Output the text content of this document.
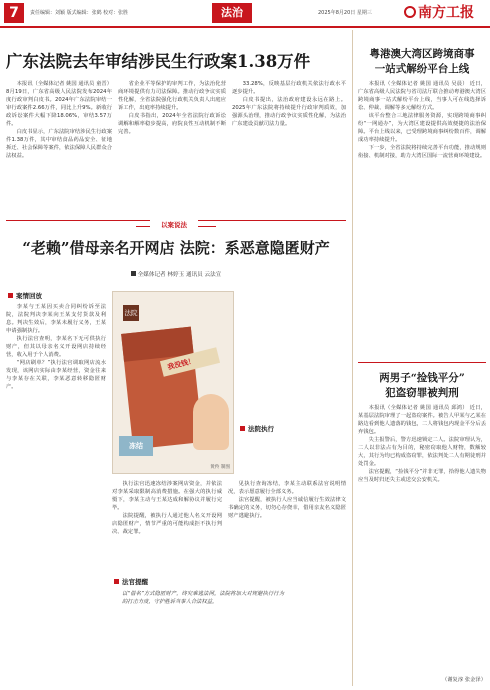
7	责任编辑：刘颖 版式编辑：张鹤 校对：张胜	法治	2025年8月20日 星期三	南方工报
广东法院去年审结涉民生行政案1.38万件

本报讯（全媒体记者 姚国 通讯员 童晋） 8月19日，广东省高级人民法院发布2024年度行政审判白皮书。2024年广东法院审结一审行政案件2.66万件，同比上升9%。新收行政诉讼案件大幅下降18.06%，审结3.57万件。

白皮书显示，广东法院审结涉民生行政案件1.38万件，其中审结食品药品安全、征地拆迁、社会保障等案件，依法保障人民群众合法权益。

省企业平等保护的审判工作，为法治化营商环境提供有力司法保障。推动行政争议实质性化解，全省法院强化行政机关负责人出庭应诉工作，出庭率持续提升。

白皮书指出，2024年全省法院行政诉讼调解和解率稳步提高，府院良性互动机制不断完善。

33.28%，反映基层行政机关依法行政水平逐步提升。

白皮书提出，法治政府建设永远在路上。2025年广东法院将持续提升行政审判质效，加强源头治理，推动行政争议实质性化解，为法治广东建设贡献司法力量。

以案说法
“老赖”借母亲名开网店 法院：系恶意隐匿财产
全媒体记者 林婷玉 通讯员 云法宣
案情回放

李某与王某因买卖合同纠纷诉至法院，法院判决李某向王某支付货款及利息。判决生效后，李某未履行义务，王某申请强制执行。

执行法官查明，李某名下无可供执行财产，但其以母亲名义开设网店持续经营，收入用于个人消费。

“网店刷单？”执行法官调取网店流水发现，该网店实际由李某经营，资金往来与李某存在关联，李某恶意转移隐匿财产。

法院
我没钱！
冻结
黄羚 制图
法院执行

执行法官迅速冻结涉案网店资金，并依法对李某采取限制高消费措施。在强大的执行威慑下，李某主动与王某达成和解协议并履行完毕。

法院提醒，被执行人通过他人名义开设网店隐匿财产，情节严重的可能构成拒不执行判决、裁定罪。

见执行查询冻结，李某主动联系法官说明情况，表示愿意履行全部义务。

法官提醒，被执行人应当诚信履行生效法律文书确定的义务，切勿心存侥幸，借用亲友名义隐匿财产逃避执行。

法官提醒
以“借名”方式隐匿财产，终究难逃法网。法院将加大对规避执行行为的打击力度，守护胜诉当事人合法权益。
粤港澳大湾区跨境商事
一站式解纷平台上线

本报讯（全媒体记者 姚国 通讯员 吴晨） 近日，广东省高级人民法院与省司法厅联合推动粤港澳大湾区跨境商事一站式解纷平台上线，当事人可在线选择诉讼、仲裁、调解等多元解纷方式。

该平台整合三地法律服务资源，实现跨境商事纠纷“一网通办”，为大湾区建设提供高效便捷的法治保障。平台上线以来，已受理跨境商事纠纷数百件，调解成功率持续提升。

下一步，全省法院将持续完善平台功能，推动规则衔接、机制对接，助力大湾区国际一流营商环境建设。

两男子“捡钱平分”
犯盗窃罪被判刑

本报讯（全媒体记者 姚国 通讯员 邱鸿） 近日，某基层法院审理了一起盗窃案件。被告人甲某与乙某在路边看到他人遗落的钱包，二人将钱包内现金平分后丢弃钱包。

失主报警后，警方迅速锁定二人。法院审理认为，二人以非法占有为目的，秘密窃取他人财物，数额较大，其行为均已构成盗窃罪，依法判处二人有期徒刑并处罚金。

法官提醒，“捡钱平分”并非无罪，拾得他人遗失物应当及时归还失主或送交公安机关。

（谢复淳 张金泽）
